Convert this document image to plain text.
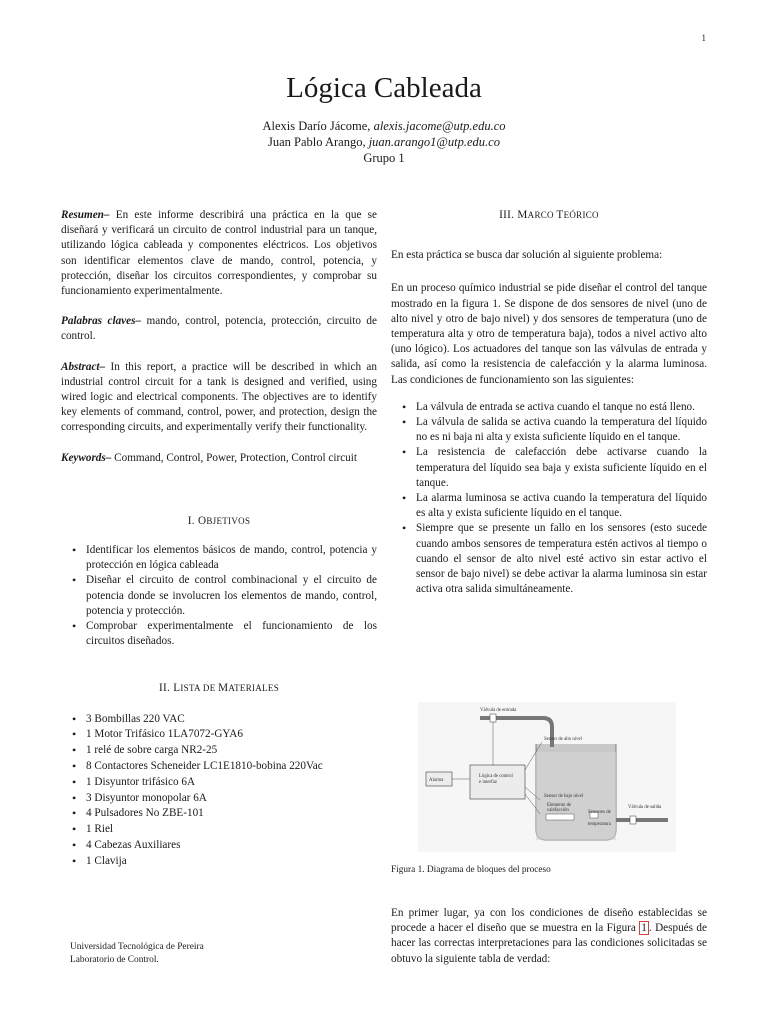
1
Lógica Cableada
Alexis Darío Jácome, alexis.jacome@utp.edu.co
Juan Pablo Arango, juan.arango1@utp.edu.co
Grupo 1

Resumen– En este informe describirá una práctica en la que se diseñará y verificará un circuito de control industrial para un tanque, utilizando lógica cableada y componentes eléctricos. Los objetivos son identificar elementos clave de mando, control, potencia, y protección, diseñar los circuitos correspondientes, y comprobar su funcionamiento experimentalmente.

Palabras claves– mando, control, potencia, protección, circuito de control.

Abstract– In this report, a practice will be described in which an industrial control circuit for a tank is designed and verified, using wired logic and electrical components. The objectives are to identify key elements of command, control, power, and protection, design the corresponding circuits, and experimentally verify their functionality.

Keywords– Command, Control, Power, Protection, Control circuit

I. OBJETIVOS
• Identificar los elementos básicos de mando, control, potencia y protección en lógica cableada
• Diseñar el circuito de control combinacional y el circuito de potencia donde se involucren los elementos de mando, control, potencia y protección.
• Comprobar experimentalmente el funcionamiento de los circuitos diseñados.
II. LISTA DE MATERIALES
• 3 Bombillas 220 VAC
• 1 Motor Trifásico 1LA7072-GYA6
• 1 relé de sobre carga NR2-25
• 8 Contactores Scheneider LC1E1810-bobina 220Vac
• 1 Disyuntor trifásico 6A
• 3 Disyuntor monopolar 6A
• 4 Pulsadores No ZBE-101
• 1 Riel
• 4 Cabezas Auxiliares
• 1 Clavija
Universidad Tecnológica de Pereira
Laboratorio de Control.
III. MARCO TEÓRICO

En esta práctica se busca dar solución al siguiente problema:

En un proceso químico industrial se pide diseñar el control del tanque mostrado en la figura 1. Se dispone de dos sensores de nivel (uno de alto nivel y otro de bajo nivel) y dos sensores de temperatura (uno de temperatura alta y otro de temperatura baja), todos a nivel activo alto (uno lógico). Los actuadores del tanque son las válvulas de entrada y salida, así como la resistencia de calefacción y la alarma luminosa. Las condiciones de funcionamiento son las siguientes:

• La válvula de entrada se activa cuando el tanque no está lleno.
• La válvula de salida se activa cuando la temperatura del líquido no es ni baja ni alta y exista suficiente líquido en el tanque.
• La resistencia de calefacción debe activarse cuando la temperatura del líquido sea baja y exista suficiente líquido en el tanque.
• La alarma luminosa se activa cuando la temperatura del líquido es alta y exista suficiente líquido en el tanque.
• Siempre que se presente un fallo en los sensores (esto sucede cuando ambos sensores de temperatura estén activos al tiempo o cuando el sensor de alto nivel esté activo sin estar activo el sensor de bajo nivel) se debe activar la alarma luminosa sin estar activa otra salida simultáneamente.
Válvula de entrada
Sensor de alto nivel
Alarma
Lógica de control
e interfaz
Sensor de bajo nivel
Elemento de
calefacción	Sensores de
temperatura
Válvula de salida
Figura 1. Diagrama de bloques del proceso

En primer lugar, ya con los condiciones de diseño establecidas se procede a hacer el diseño que se muestra en la Figura 1 . Después de hacer las correctas interpretaciones para las condiciones solicitadas se obtuvo la siguiente tabla de verdad:
